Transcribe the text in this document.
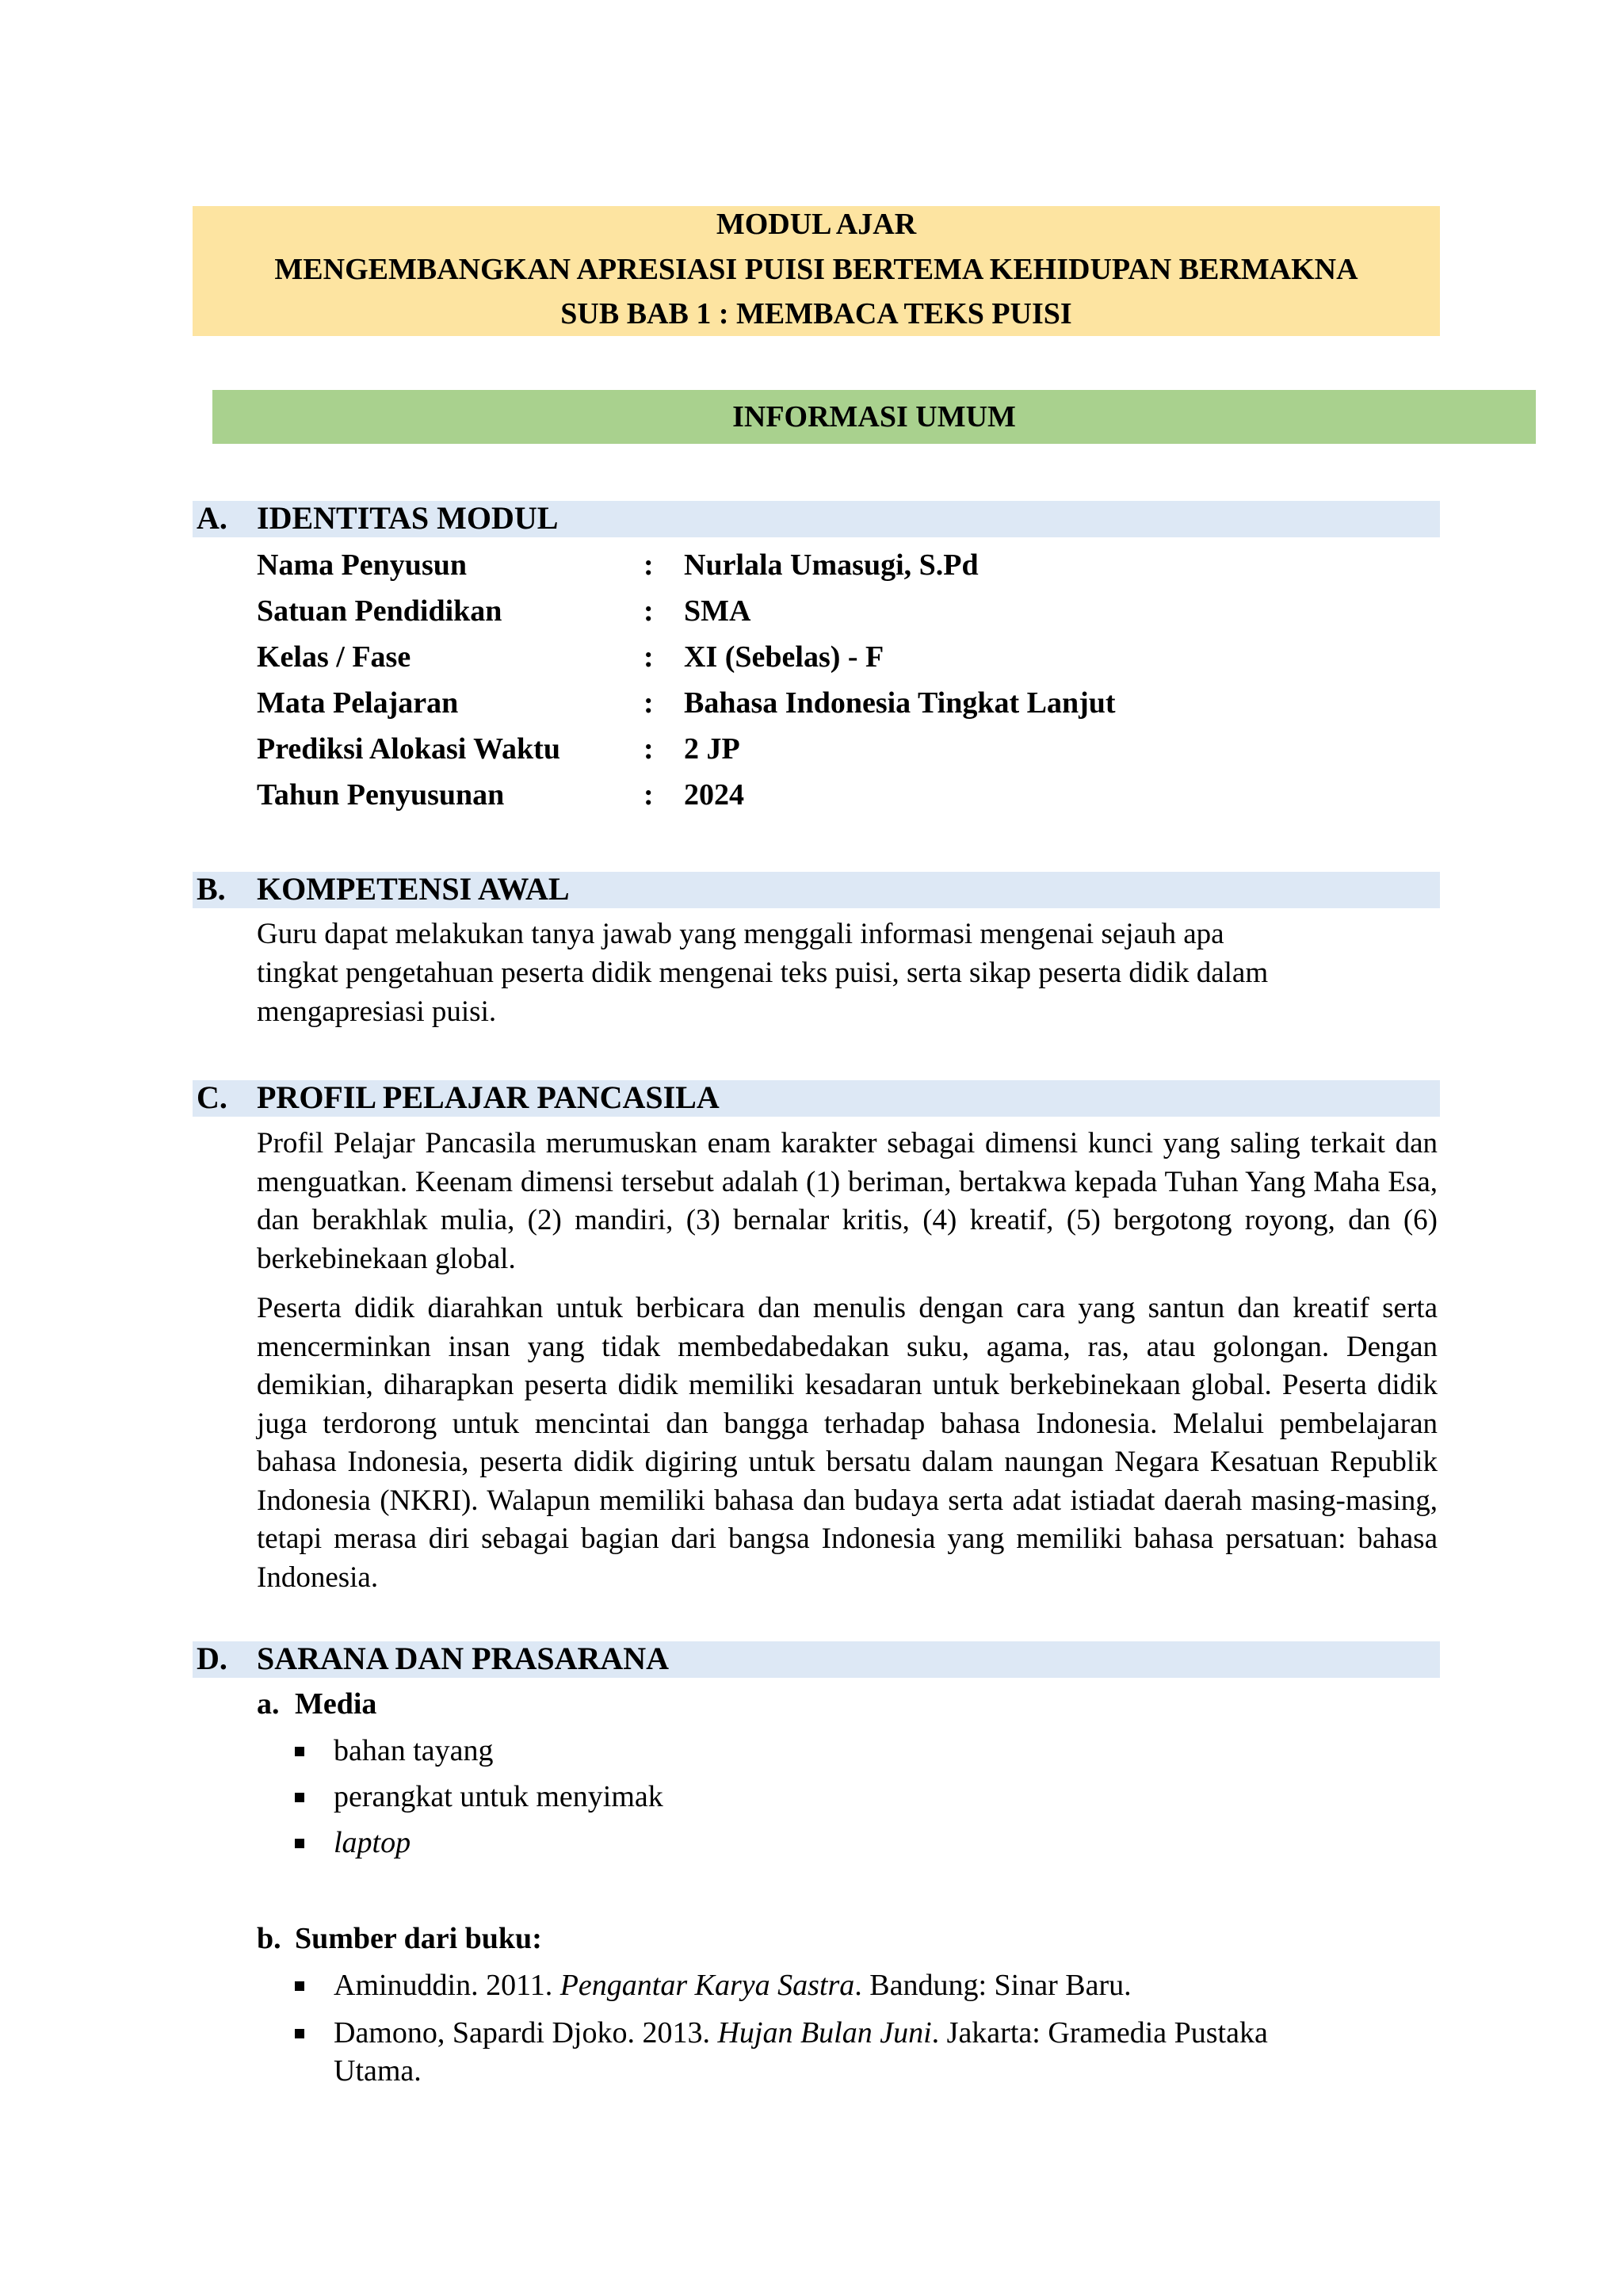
MODUL AJAR
MENGEMBANGKAN APRESIASI PUISI BERTEMA KEHIDUPAN BERMAKNA
SUB BAB 1 : MEMBACA TEKS PUISI
INFORMASI UMUM
A. IDENTITAS MODUL
Nama Penyusun	: Nurlala Umasugi, S.Pd
Satuan Pendidikan	: SMA
Kelas / Fase	: XI (Sebelas) - F
Mata Pelajaran	: Bahasa Indonesia Tingkat Lanjut
Prediksi Alokasi Waktu	: 2 JP
Tahun Penyusunan	: 2024
B. KOMPETENSI AWAL
Guru dapat melakukan tanya jawab yang menggali informasi mengenai sejauh apa
tingkat pengetahuan peserta didik mengenai teks puisi, serta sikap peserta didik dalam
mengapresiasi puisi.
C. PROFIL PELAJAR PANCASILA

Profil Pelajar Pancasila merumuskan enam karakter sebagai dimensi kunci yang saling terkait dan menguatkan. Keenam dimensi tersebut adalah (1) beriman, bertakwa kepada Tuhan Yang Maha Esa, dan berakhlak mulia, (2) mandiri, (3) bernalar kritis, (4) kreatif, (5) bergotong royong, dan (6) berkebinekaan global.

Peserta didik diarahkan untuk berbicara dan menulis dengan cara yang santun dan kreatif serta mencerminkan insan yang tidak membedabedakan suku, agama, ras, atau golongan. Dengan demikian, diharapkan peserta didik memiliki kesadaran untuk berkebinekaan global. Peserta didik juga terdorong untuk mencintai dan bangga terhadap bahasa Indonesia. Melalui pembelajaran bahasa Indonesia, peserta didik digiring untuk bersatu dalam naungan Negara Kesatuan Republik Indonesia (NKRI). Walapun memiliki bahasa dan budaya serta adat istiadat daerah masing-masing, tetapi merasa diri sebagai bagian dari bangsa Indonesia yang memiliki bahasa persatuan: bahasa Indonesia.

D. SARANA DAN PRASARANA
a. Media
bahan tayang
perangkat untuk menyimak
laptop
b. Sumber dari buku:
Aminuddin. 2011. Pengantar Karya Sastra. Bandung: Sinar Baru.
Damono, Sapardi Djoko. 2013. Hujan Bulan Juni. Jakarta: Gramedia Pustaka
Utama.
